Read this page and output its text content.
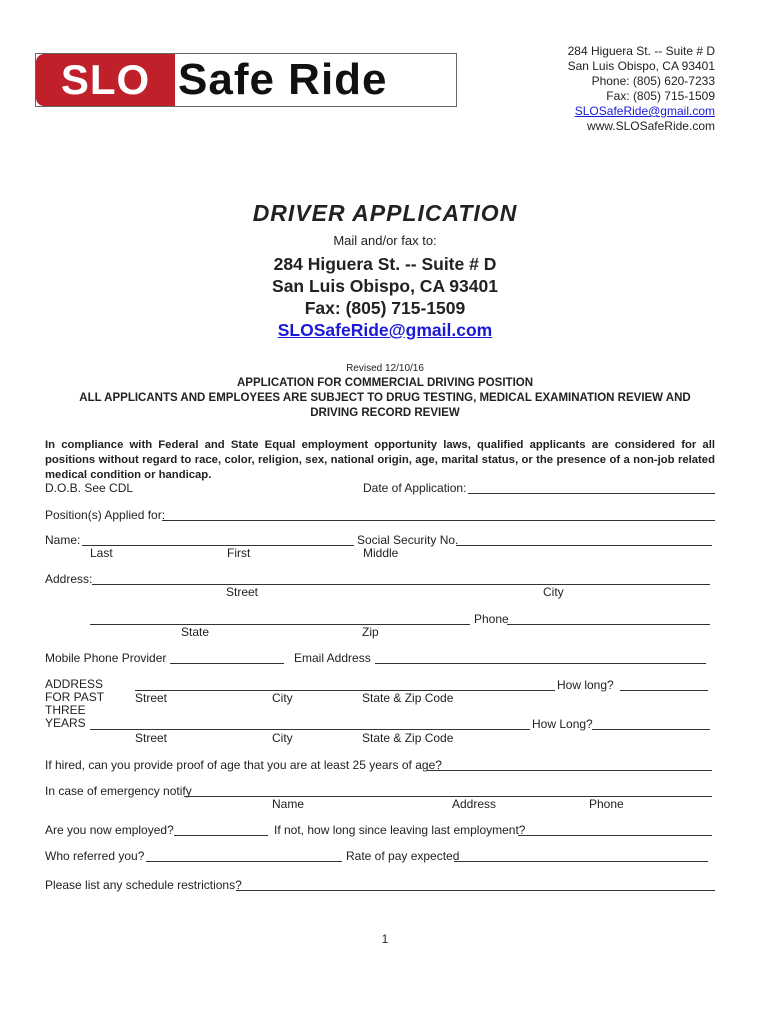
SLO Safe Ride
284 Higuera St. -- Suite # D
San Luis Obispo, CA 93401
Phone: (805) 620-7233
Fax: (805) 715-1509
SLOSafeRide@gmail.com
www.SLOSafeRide.com
DRIVER APPLICATION
Mail and/or fax to:
284 Higuera St. -- Suite # D
San Luis Obispo, CA 93401
Fax: (805) 715-1509
SLOSafeRide@gmail.com
Revised 12/10/16
APPLICATION FOR COMMERCIAL DRIVING POSITION
ALL APPLICANTS AND EMPLOYEES ARE SUBJECT TO DRUG TESTING, MEDICAL EXAMINATION REVIEW AND
DRIVING RECORD REVIEW
In compliance with Federal and State Equal employment opportunity laws, qualified applicants are considered for all positions without regard to race, color, religion, sex, national origin, age, marital status, or the presence of a non-job related medical condition or handicap.
D.O.B. See CDL	Date of Application:
Position(s) Applied for:
Name:	Social Security No.
Last	First	Middle
Address:
Street	City
Phone
State	Zip
Mobile Phone Provider	Email Address
ADDRESS
FOR PAST
THREE
YEARS
How long?
Street	City	State & Zip Code
How Long?
Street	City	State & Zip Code
If hired, can you provide proof of age that you are at least 25 years of age?
In case of emergency notify
Name	Address	Phone
Are you now employed?	If not, how long since leaving last employment?
Who referred you?	Rate of pay expected
Please list any schedule restrictions?
1
